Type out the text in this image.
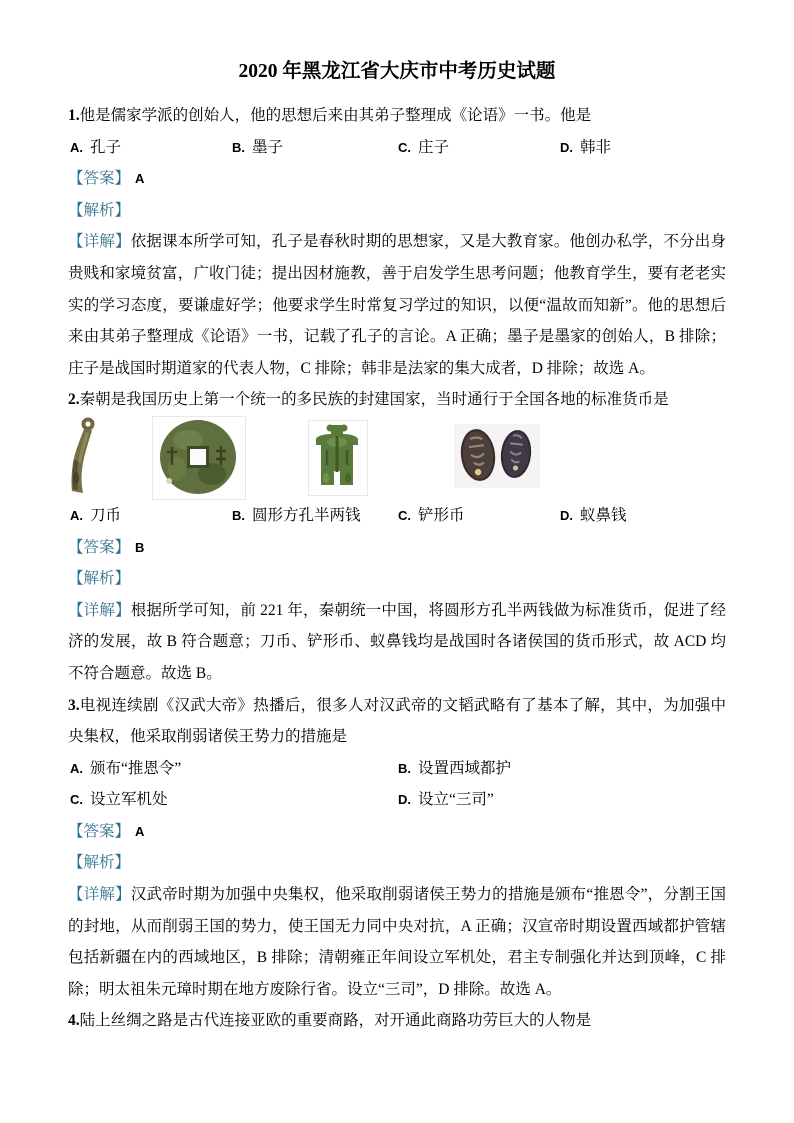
2020 年黑龙江省大庆市中考历史试题

1.他是儒家学派的创始人，他的思想后来由其弟子整理成《论语》一书。他是

A. 孔子	B. 墨子	C. 庄子	D. 韩非
【答案】 A
【解析】

【详解】依据课本所学可知，孔子是春秋时期的思想家，又是大教育家。他创办私学，不分出身贵贱和家境贫富，广收门徒；提出因材施教，善于启发学生思考问题；他教育学生，要有老老实实的学习态度，要谦虚好学；他要求学生时常复习学过的知识，以便“温故而知新”。他的思想后来由其弟子整理成《论语》一书，记载了孔子的言论。A 正确；墨子是墨家的创始人，B 排除；庄子是战国时期道家的代表人物，C 排除；韩非是法家的集大成者，D 排除；故选 A。

2.秦朝是我国历史上第一个统一的多民族的封建国家，当时通行于全国各地的标准货币是

A. 刀币	B. 圆形方孔半两钱	C. 铲形币	D. 蚁鼻钱
【答案】 B
【解析】

【详解】根据所学可知，前 221 年，秦朝统一中国，将圆形方孔半两钱做为标准货币，促进了经济的发展，故 B 符合题意；刀币、铲形币、蚁鼻钱均是战国时各诸侯国的货币形式，故 ACD 均不符合题意。故选 B。

3.电视连续剧《汉武大帝》热播后，很多人对汉武帝的文韬武略有了基本了解，其中，为加强中央集权，他采取削弱诸侯王势力的措施是

A. 颁布“推恩令”	B. 设置西域都护
C. 设立军机处	D. 设立“三司”
【答案】 A
【解析】

【详解】汉武帝时期为加强中央集权，他采取削弱诸侯王势力的措施是颁布“推恩令”，分割王国的封地，从而削弱王国的势力，使王国无力同中央对抗，A 正确；汉宣帝时期设置西域都护管辖包括新疆在内的西域地区，B 排除；清朝雍正年间设立军机处，君主专制强化并达到顶峰，C 排除；明太祖朱元璋时期在地方废除行省。设立“三司”，D 排除。故选 A。

4.陆上丝绸之路是古代连接亚欧的重要商路，对开通此商路功劳巨大的人物是
